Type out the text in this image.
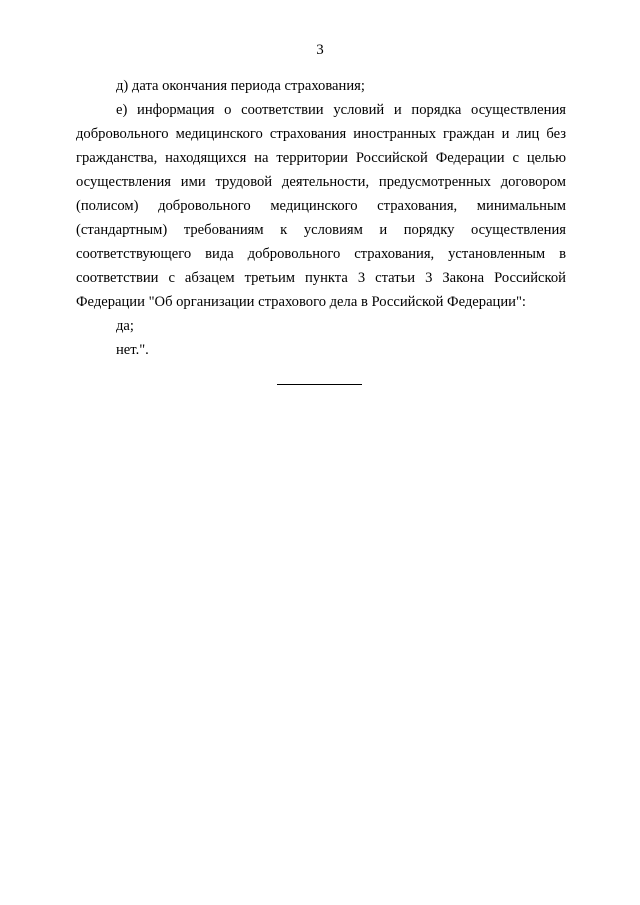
3

д) дата окончания периода страхования;

е) информация о соответствии условий и порядка осуществления добровольного медицинского страхования иностранных граждан и лиц без гражданства, находящихся на территории Российской Федерации с целью осуществления ими трудовой деятельности, предусмотренных договором (полисом) добровольного медицинского страхования, минимальным (стандартным) требованиям к условиям и порядку осуществления соответствующего вида добровольного страхования, установленным в соответствии с абзацем третьим пункта 3 статьи 3 Закона Российской Федерации "Об организации страхового дела в Российской Федерации":

да;

нет.".
